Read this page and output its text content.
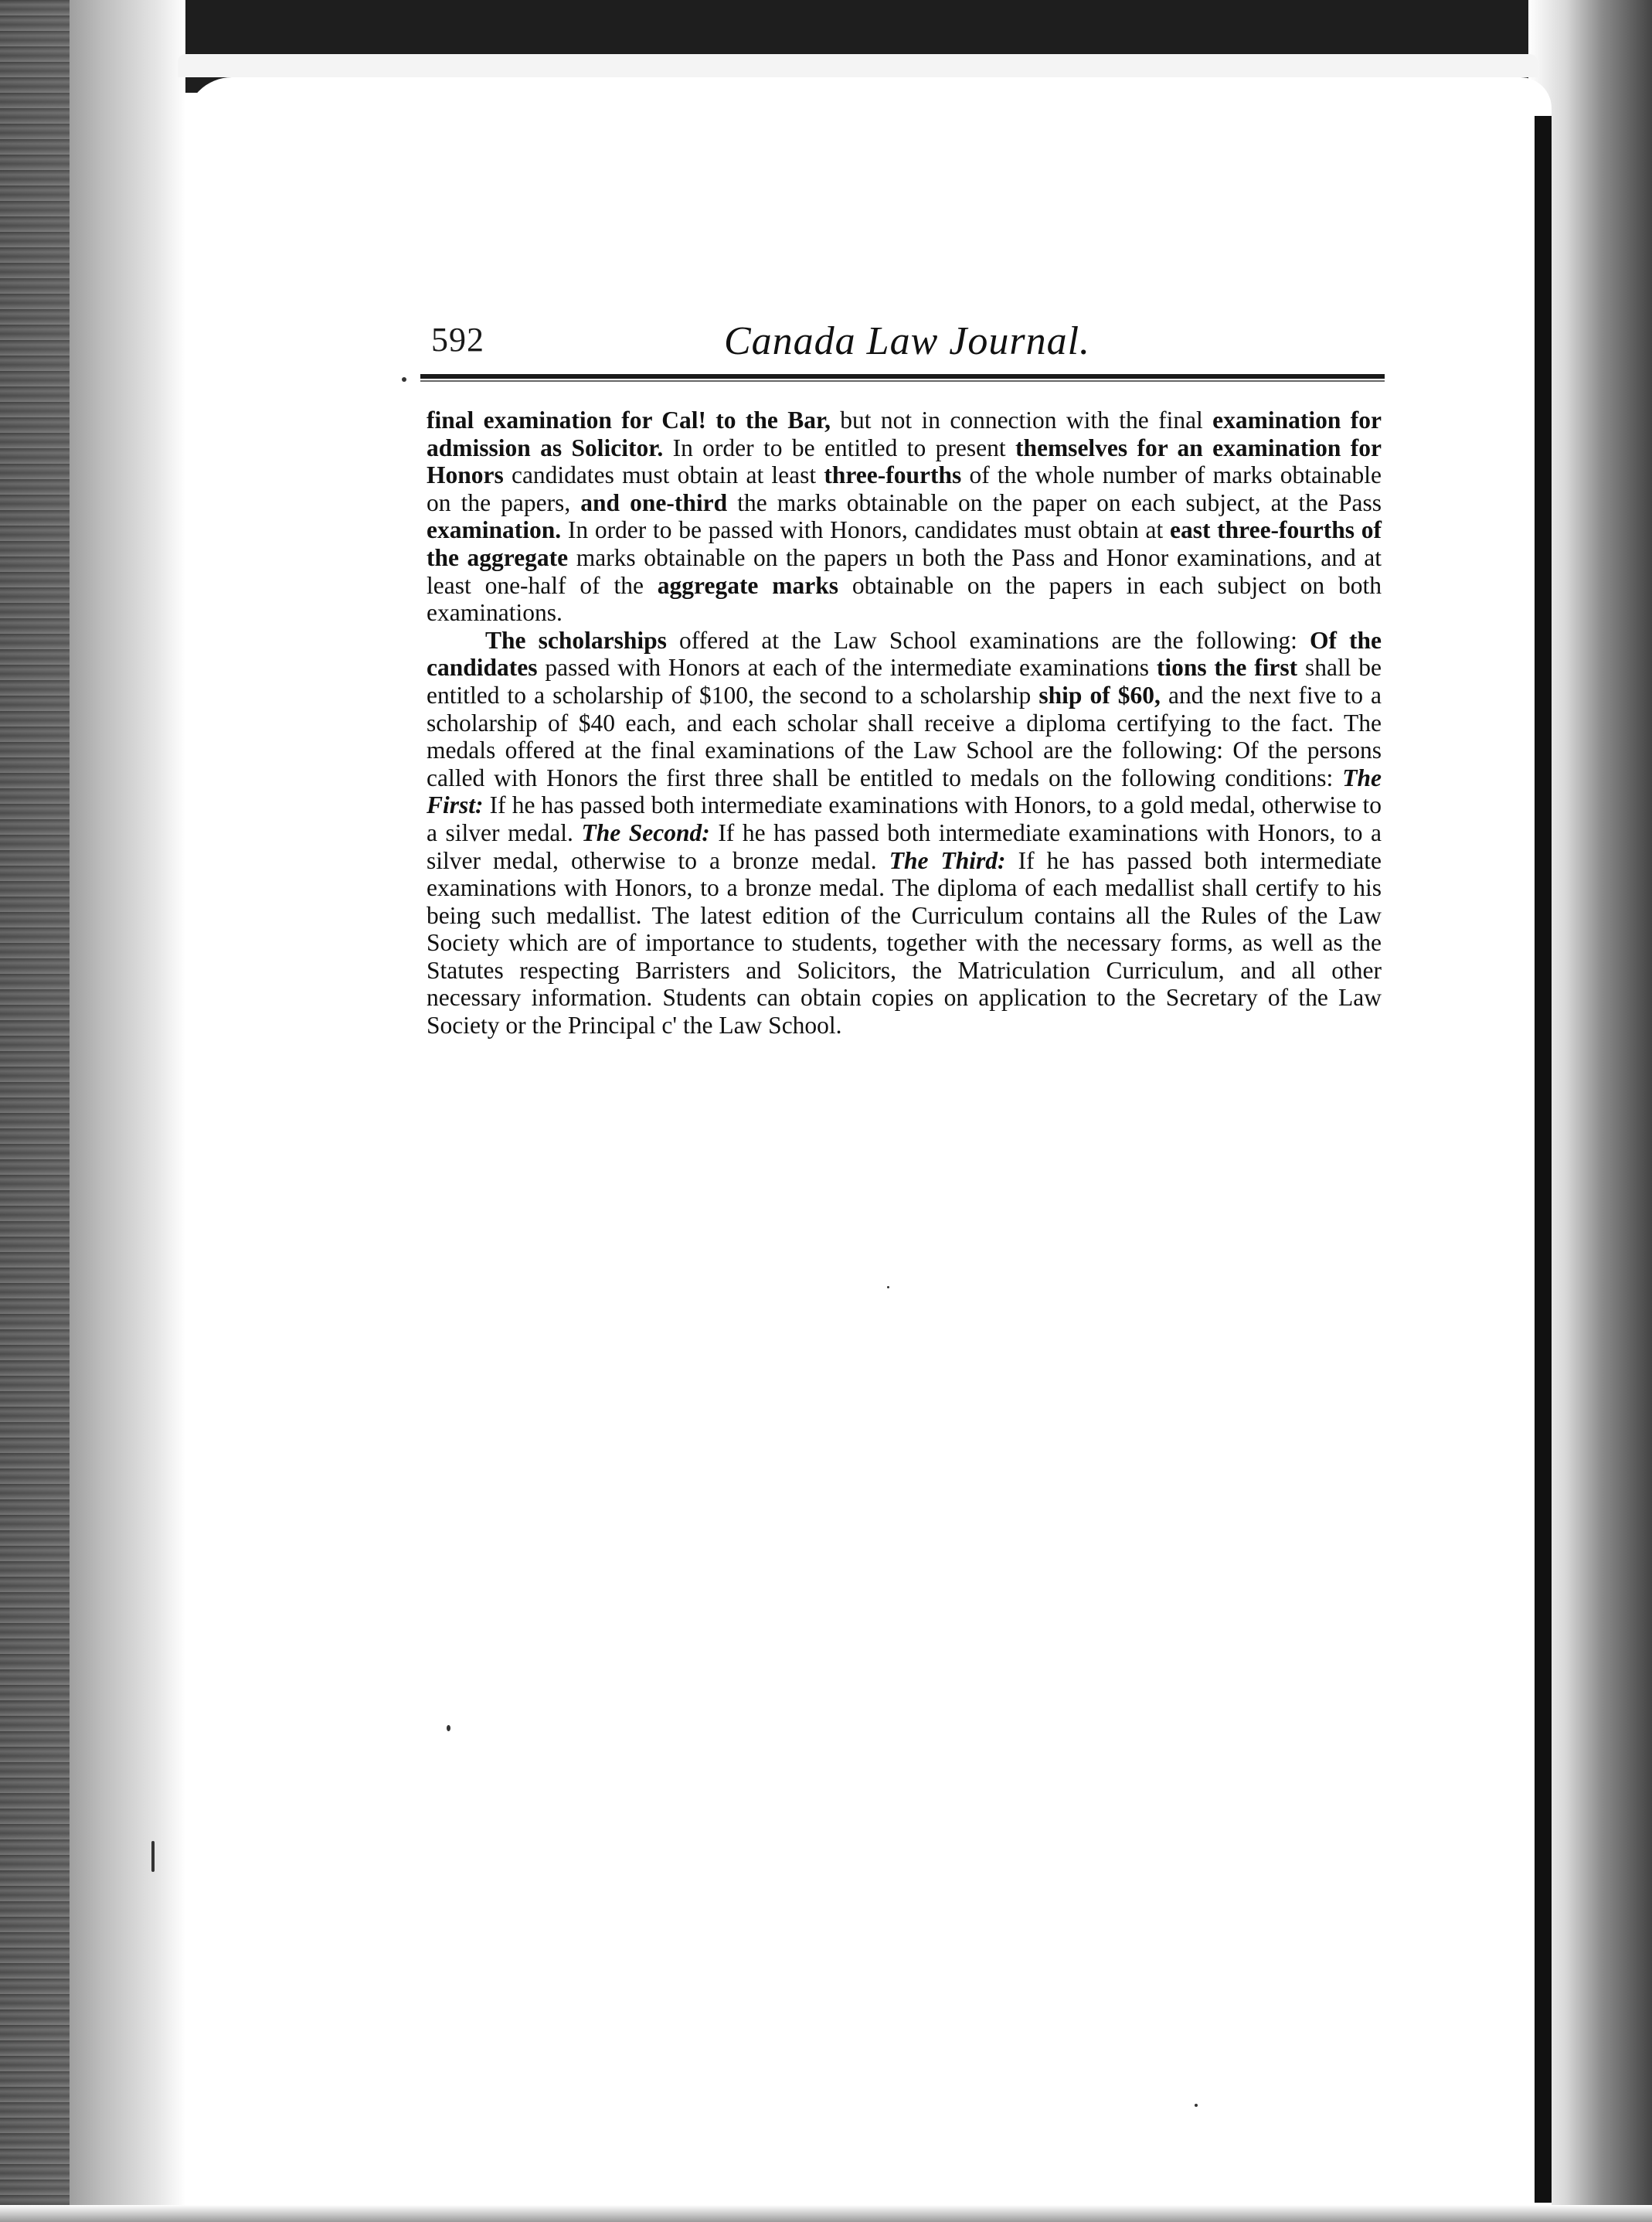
592	Canada Law Journal.

final examination for Cal! to the Bar, but not in connection with the final examination for admission as Solicitor. In order to be entitled to present themselves for an examination for Honors candidates must obtain at least three-fourths of the whole number of marks obtainable on the papers, and one-third the marks obtainable on the paper on each subject, at the Pass examination. In order to be passed with Honors, candidates must obtain at east three-fourths of the aggregate marks obtainable on the papers ɩn both the Pass and Honor examinations, and at least one-half of the aggregate marks obtainable on the papers in each subject on both examinations.

The scholarships offered at the Law School examinations are the following: Of the candidates passed with Honors at each of the intermediate examinations tions the first shall be entitled to a scholarship of $100, the second to a scholarship ship of $60, and the next five to a scholarship of $40 each, and each scholar shall receive a diploma certifying to the fact. The medals offered at the final examinations of the Law School are the following: Of the persons called with Honors the first three shall be entitled to medals on the following conditions: The First: If he has passed both intermediate examinations with Honors, to a gold medal, otherwise to a silver medal. The Second: If he has passed both intermediate examinations with Honors, to a silver medal, otherwise to a bronze medal. The Third: If he has passed both intermediate examinations with Honors, to a bronze medal. The diploma of each medallist shall certify to his being such medallist. The latest edition of the Curriculum contains all the Rules of the Law Society which are of importance to students, together with the necessary forms, as well as the Statutes respecting Barristers and Solicitors, the Matriculation Curriculum, and all other necessary information. Students can obtain copies on application to the Secretary of the Law Society or the Principal c' the Law School.
